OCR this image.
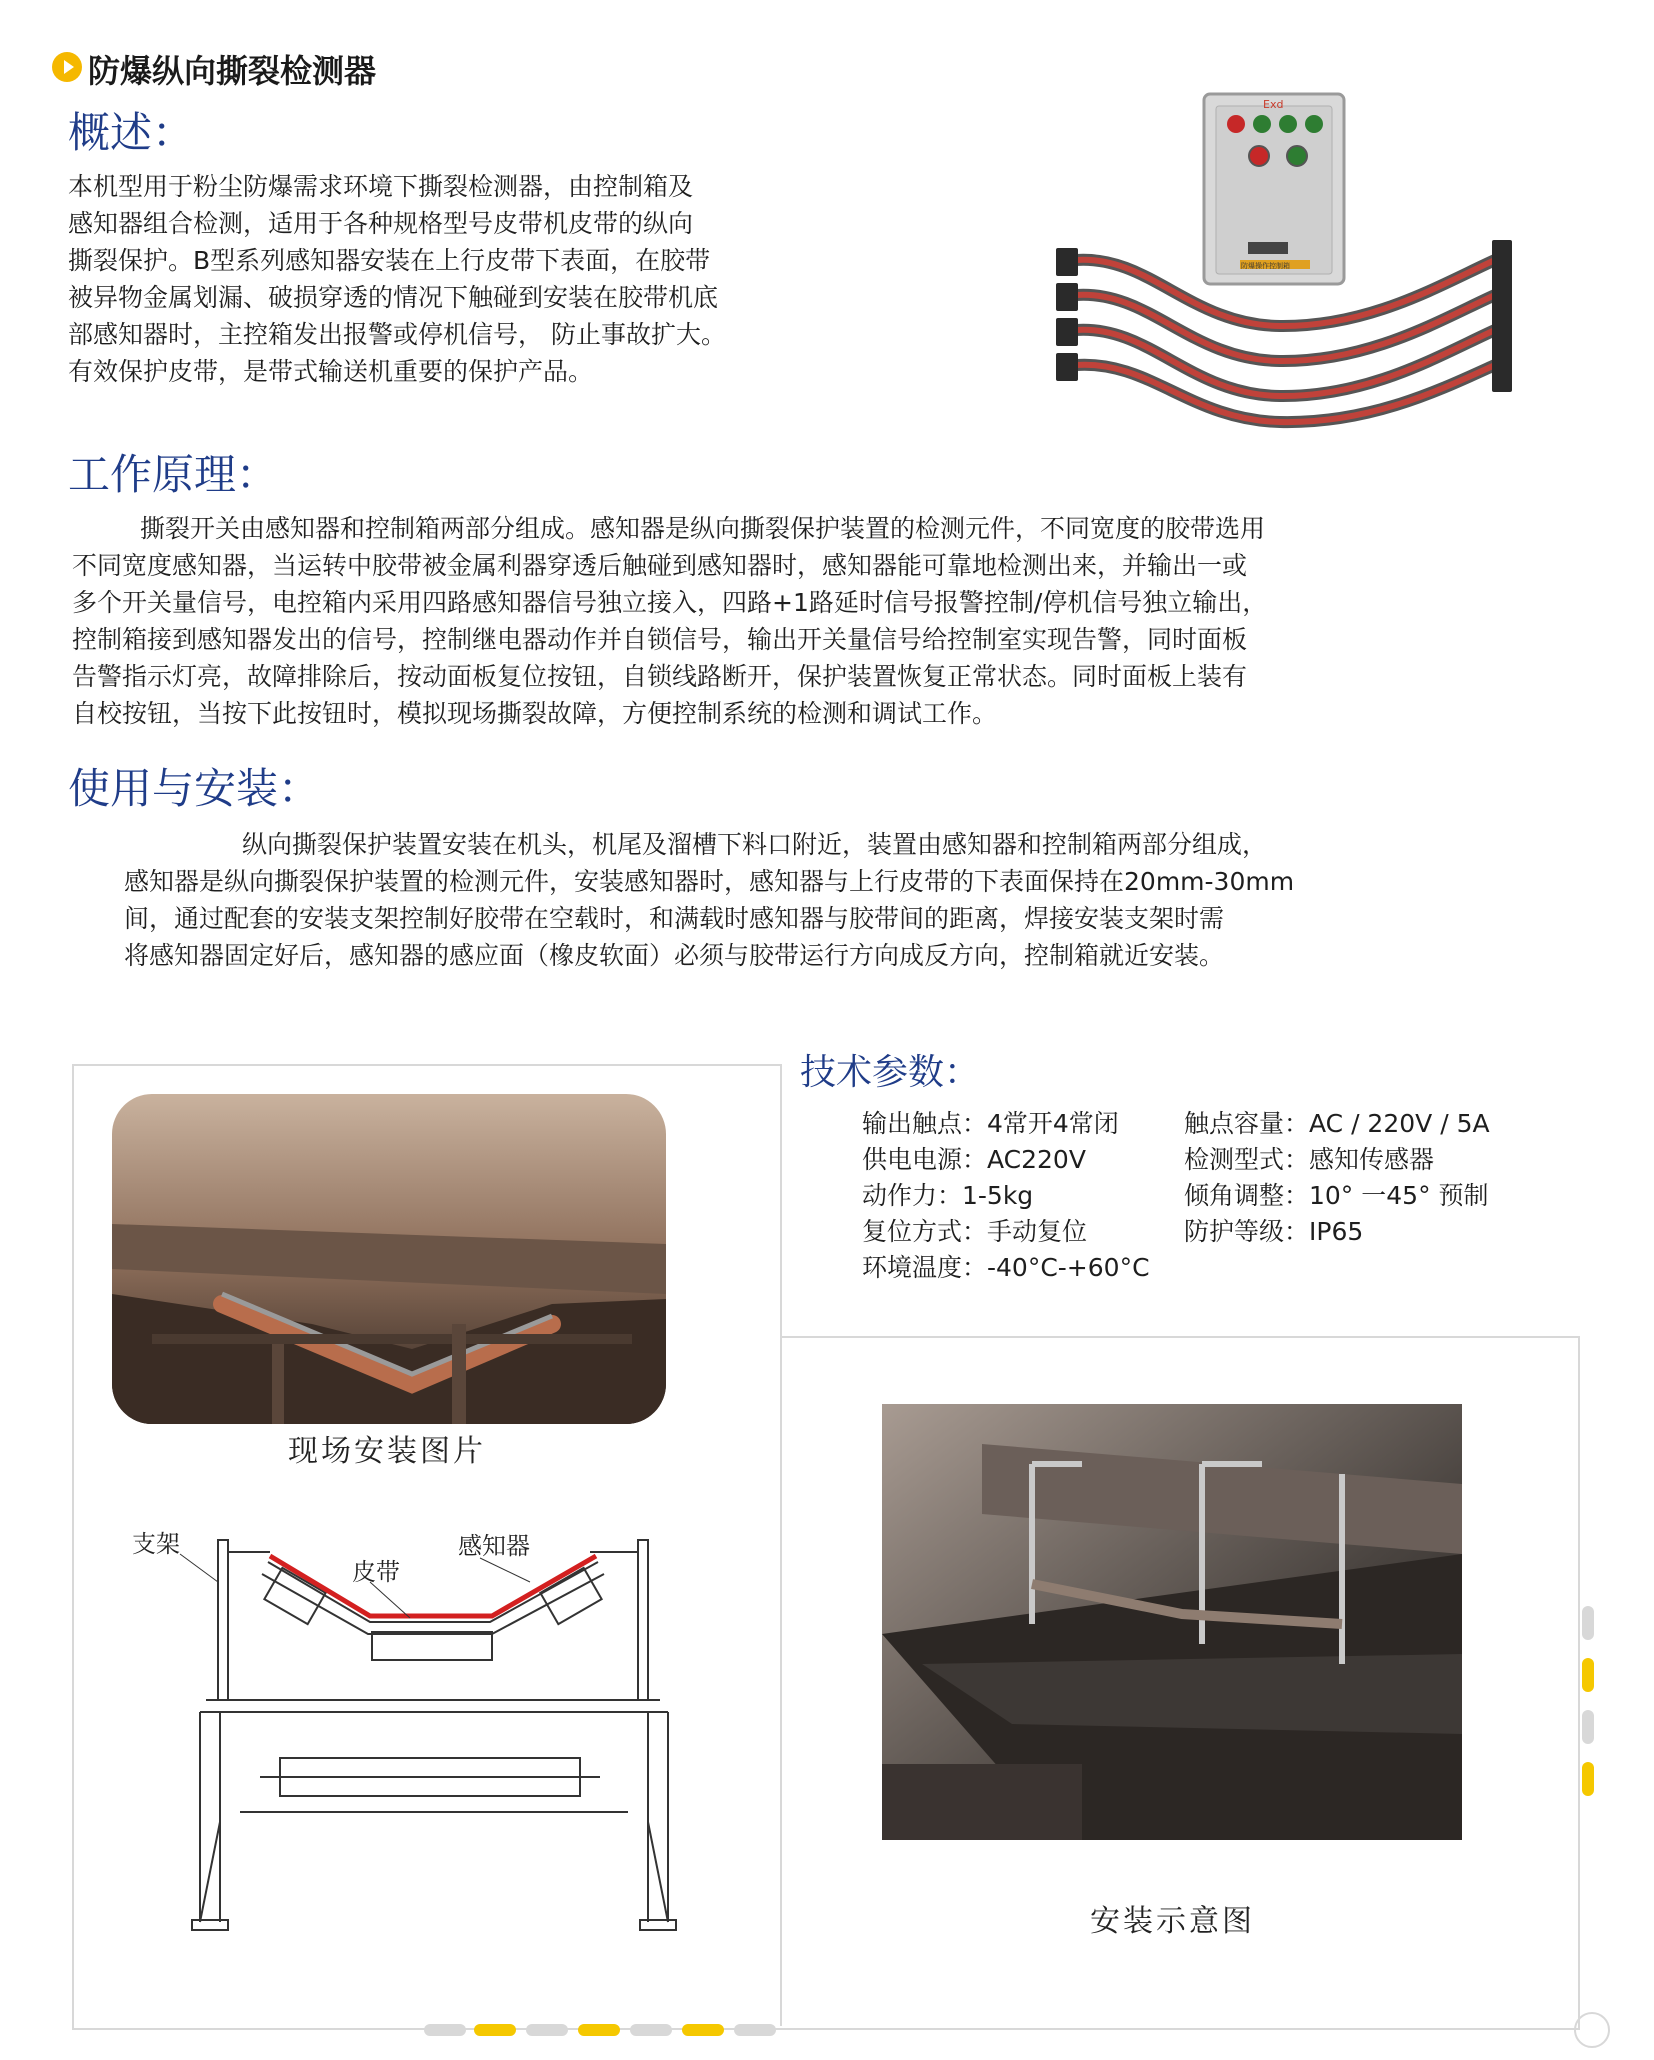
防爆纵向撕裂检测器
概述：
本机型用于粉尘防爆需求环境下撕裂检测器，由控制箱及
感知器组合检测，适用于各种规格型号皮带机皮带的纵向
撕裂保护。B型系列感知器安装在上行皮带下表面，在胶带
被异物金属划漏、破损穿透的情况下触碰到安装在胶带机底
部感知器时，主控箱发出报警或停机信号， 防止事故扩大。
有效保护皮带，是带式输送机重要的保护产品。
Exd
防爆操作控制箱
工作原理：
撕裂开关由感知器和控制箱两部分组成。感知器是纵向撕裂保护装置的检测元件，不同宽度的胶带选用
不同宽度感知器，当运转中胶带被金属利器穿透后触碰到感知器时，感知器能可靠地检测出来，并输出一或
多个开关量信号，电控箱内采用四路感知器信号独立接入，四路+1路延时信号报警控制/停机信号独立输出，
控制箱接到感知器发出的信号，控制继电器动作并自锁信号，输出开关量信号给控制室实现告警，同时面板
告警指示灯亮，故障排除后，按动面板复位按钮，自锁线路断开，保护装置恢复正常状态。同时面板上装有
自校按钮，当按下此按钮时，模拟现场撕裂故障，方便控制系统的检测和调试工作。
使用与安装：
纵向撕裂保护装置安装在机头，机尾及溜槽下料口附近，装置由感知器和控制箱两部分组成，
感知器是纵向撕裂保护装置的检测元件，安装感知器时，感知器与上行皮带的下表面保持在20mm-30mm
间，通过配套的安装支架控制好胶带在空载时，和满载时感知器与胶带间的距离，焊接安装支架时需
将感知器固定好后，感知器的感应面（橡皮软面）必须与胶带运行方向成反方向，控制箱就近安装。
技术参数：
输出触点：4常开4常闭
供电电源：AC220V
动作力：1-5kg
复位方式：手动复位
环境温度：-40°C-+60°C
触点容量：AC / 220V / 5A
检测型式：感知传感器
倾角调整：10° 一45° 预制
防护等级：IP65
现场安装图片
支架
皮带
感知器
安装示意图
